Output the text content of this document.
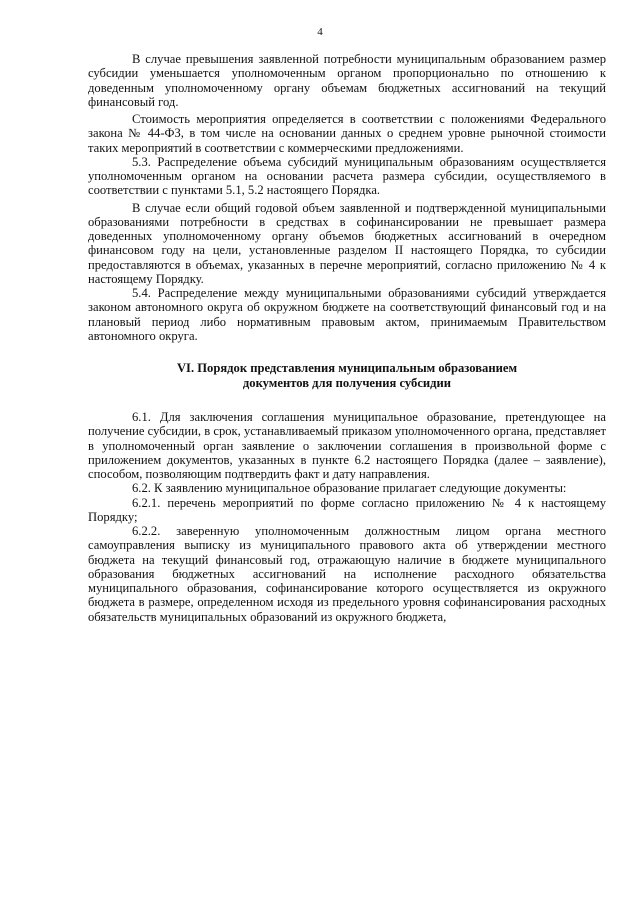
4

В случае превышения заявленной потребности муниципальным образованием размер субсидии уменьшается уполномоченным органом пропорционально по отношению к доведенным уполномоченному органу объемам бюджетных ассигнований на текущий финансовый год.

Стоимость мероприятия определяется в соответствии с положениями Федерального закона № 44-ФЗ, в том числе на основании данных о среднем уровне рыночной стоимости таких мероприятий в соответствии с коммерческими предложениями.

5.3. Распределение объема субсидий муниципальным образованиям осуществляется уполномоченным органом на основании расчета размера субсидии, осуществляемого в соответствии с пунктами 5.1, 5.2 настоящего Порядка.

В случае если общий годовой объем заявленной и подтвержденной муниципальными образованиями потребности в средствах в софинансировании не превышает размера доведенных уполномоченному органу объемов бюджетных ассигнований в очередном финансовом году на цели, установленные разделом II настоящего Порядка, то субсидии предоставляются в объемах, указанных в перечне мероприятий, согласно приложению № 4 к настоящему Порядку.

5.4. Распределение между муниципальными образованиями субсидий утверждается законом автономного округа об окружном бюджете на соответствующий финансовый год и на плановый период либо нормативным правовым актом, принимаемым Правительством автономного округа.

VI. Порядок представления муниципальным образованием
документов для получения субсидии

6.1. Для заключения соглашения муниципальное образование, претендующее на получение субсидии, в срок, устанавливаемый приказом уполномоченного органа, представляет в уполномоченный орган заявление о заключении соглашения в произвольной форме с приложением документов, указанных в пункте 6.2 настоящего Порядка (далее – заявление), способом, позволяющим подтвердить факт и дату направления.

6.2. К заявлению муниципальное образование прилагает следующие документы:

6.2.1. перечень мероприятий по форме согласно приложению № 4 к настоящему Порядку;

6.2.2. заверенную уполномоченным должностным лицом органа местного самоуправления выписку из муниципального правового акта об утверждении местного бюджета на текущий финансовый год, отражающую наличие в бюджете муниципального образования бюджетных ассигнований на исполнение расходного обязательства муниципального образования, софинансирование которого осуществляется из окружного бюджета в размере, определенном исходя из предельного уровня софинансирования расходных обязательств муниципальных образований из окружного бюджета,
